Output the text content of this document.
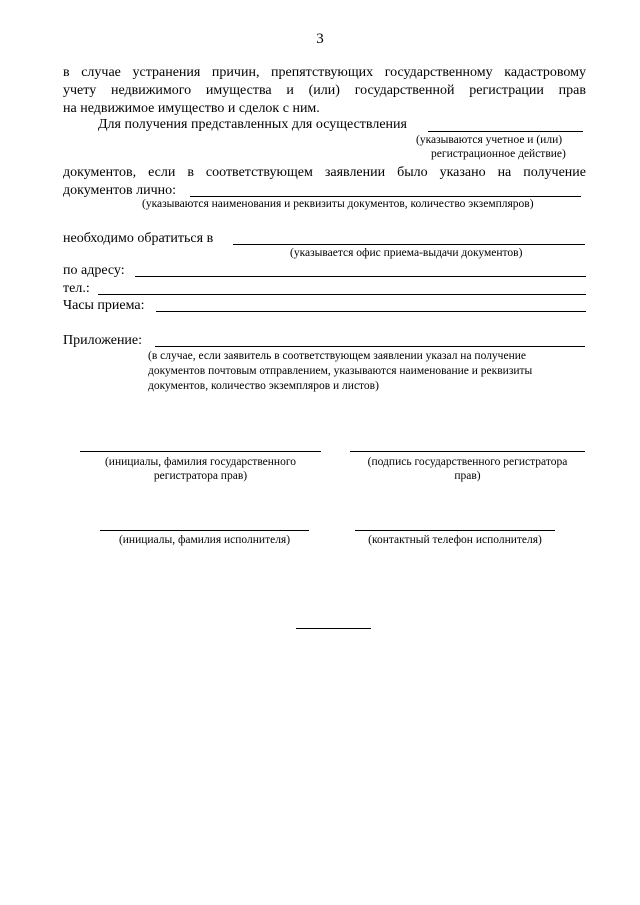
3
в случае устранения причин, препятствующих государственному кадастровому
учету недвижимого имущества и (или) государственной регистрации прав
на недвижимое имущество и сделок с ним.
Для получения представленных для осуществления
(указываются учетное и (или)
регистрационное действие)
документов, если в соответствующем заявлении было указано на получение
документов лично:
(указываются наименования и реквизиты документов, количество экземпляров)
необходимо обратиться в
(указывается офис приема-выдачи документов)
по адресу:
тел.:
Часы приема:
Приложение:
(в случае, если заявитель в соответствующем заявлении указал на получение
документов почтовым отправлением, указываются наименование и реквизиты
документов, количество экземпляров и листов)
(инициалы, фамилия государственного
регистратора прав)
(подпись государственного регистратора
прав)
(инициалы, фамилия исполнителя)	(контактный телефон исполнителя)
